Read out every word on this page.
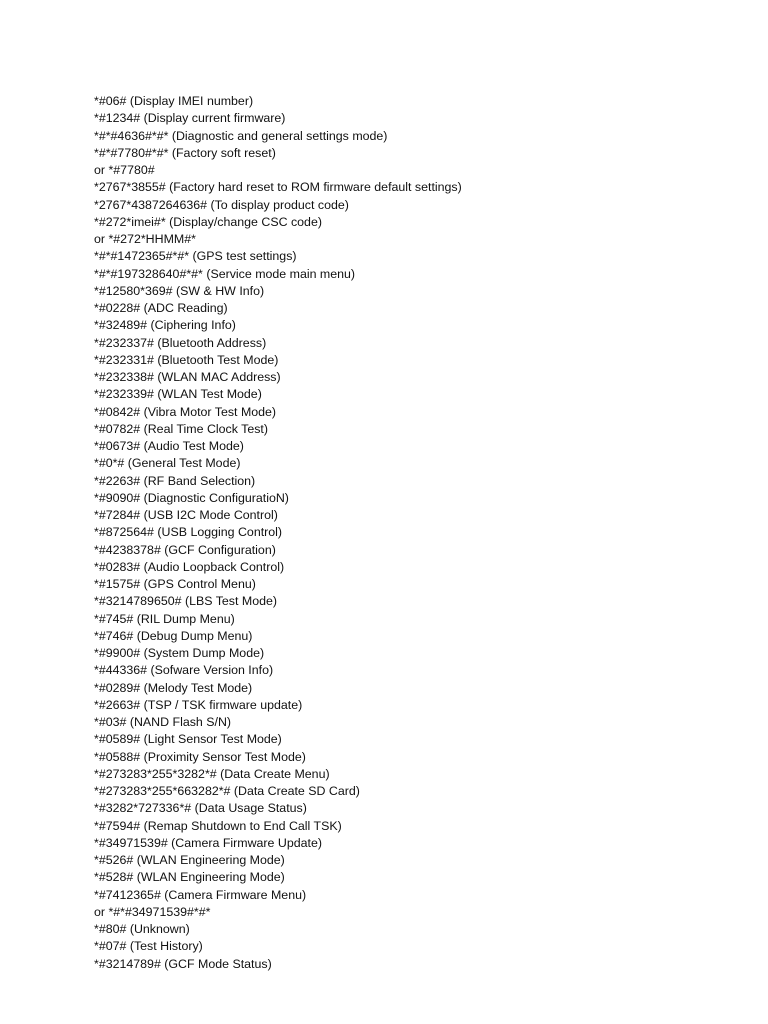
*#06# (Display IMEI number)
*#1234# (Display current firmware)
*#*#4636#*#* (Diagnostic and general settings mode)
*#*#7780#*#* (Factory soft reset)
or *#7780#
*2767*3855# (Factory hard reset to ROM firmware default settings)
*2767*4387264636# (To display product code)
*#272*imei#* (Display/change CSC code)
or *#272*HHMM#*
*#*#1472365#*#* (GPS test settings)
*#*#197328640#*#* (Service mode main menu)
*#12580*369# (SW & HW Info)
*#0228# (ADC Reading)
*#32489# (Ciphering Info)
*#232337# (Bluetooth Address)
*#232331# (Bluetooth Test Mode)
*#232338# (WLAN MAC Address)
*#232339# (WLAN Test Mode)
*#0842# (Vibra Motor Test Mode)
*#0782# (Real Time Clock Test)
*#0673# (Audio Test Mode)
*#0*# (General Test Mode)
*#2263# (RF Band Selection)
*#9090# (Diagnostic ConfiguratioN)
*#7284# (USB I2C Mode Control)
*#872564# (USB Logging Control)
*#4238378# (GCF Configuration)
*#0283# (Audio Loopback Control)
*#1575# (GPS Control Menu)
*#3214789650# (LBS Test Mode)
*#745# (RIL Dump Menu)
*#746# (Debug Dump Menu)
*#9900# (System Dump Mode)
*#44336# (Sofware Version Info)
*#0289# (Melody Test Mode)
*#2663# (TSP / TSK firmware update)
*#03# (NAND Flash S/N)
*#0589# (Light Sensor Test Mode)
*#0588# (Proximity Sensor Test Mode)
*#273283*255*3282*# (Data Create Menu)
*#273283*255*663282*# (Data Create SD Card)
*#3282*727336*# (Data Usage Status)
*#7594# (Remap Shutdown to End Call TSK)
*#34971539# (Camera Firmware Update)
*#526# (WLAN Engineering Mode)
*#528# (WLAN Engineering Mode)
*#7412365# (Camera Firmware Menu)
or *#*#34971539#*#*
*#80# (Unknown)
*#07# (Test History)
*#3214789# (GCF Mode Status)
